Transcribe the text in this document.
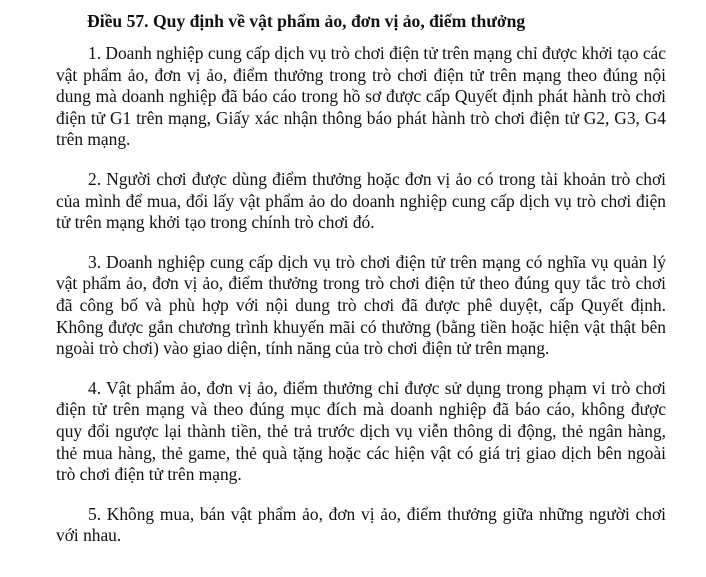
Điều 57. Quy định về vật phẩm ảo, đơn vị ảo, điểm thưởng

1. Doanh nghiệp cung cấp dịch vụ trò chơi điện tử trên mạng chỉ được khởi tạo các vật phẩm ảo, đơn vị ảo, điểm thưởng trong trò chơi điện tử trên mạng theo đúng nội dung mà doanh nghiệp đã báo cáo trong hồ sơ được cấp Quyết định phát hành trò chơi điện tử G1 trên mạng, Giấy xác nhận thông báo phát hành trò chơi điện tử G2, G3, G4 trên mạng.

2. Người chơi được dùng điểm thưởng hoặc đơn vị ảo có trong tài khoản trò chơi của mình để mua, đổi lấy vật phẩm ảo do doanh nghiệp cung cấp dịch vụ trò chơi điện tử trên mạng khởi tạo trong chính trò chơi đó.

3. Doanh nghiệp cung cấp dịch vụ trò chơi điện tử trên mạng có nghĩa vụ quản lý vật phẩm ảo, đơn vị ảo, điểm thưởng trong trò chơi điện tử theo đúng quy tắc trò chơi đã công bố và phù hợp với nội dung trò chơi đã được phê duyệt, cấp Quyết định. Không được gắn chương trình khuyến mãi có thưởng (bằng tiền hoặc hiện vật thật bên ngoài trò chơi) vào giao diện, tính năng của trò chơi điện tử trên mạng.

4. Vật phẩm ảo, đơn vị ảo, điểm thưởng chỉ được sử dụng trong phạm vi trò chơi điện tử trên mạng và theo đúng mục đích mà doanh nghiệp đã báo cáo, không được quy đổi ngược lại thành tiền, thẻ trả trước dịch vụ viễn thông di động, thẻ ngân hàng, thẻ mua hàng, thẻ game, thẻ quà tặng hoặc các hiện vật có giá trị giao dịch bên ngoài trò chơi điện tử trên mạng.

5. Không mua, bán vật phẩm ảo, đơn vị ảo, điểm thưởng giữa những người chơi với nhau.
